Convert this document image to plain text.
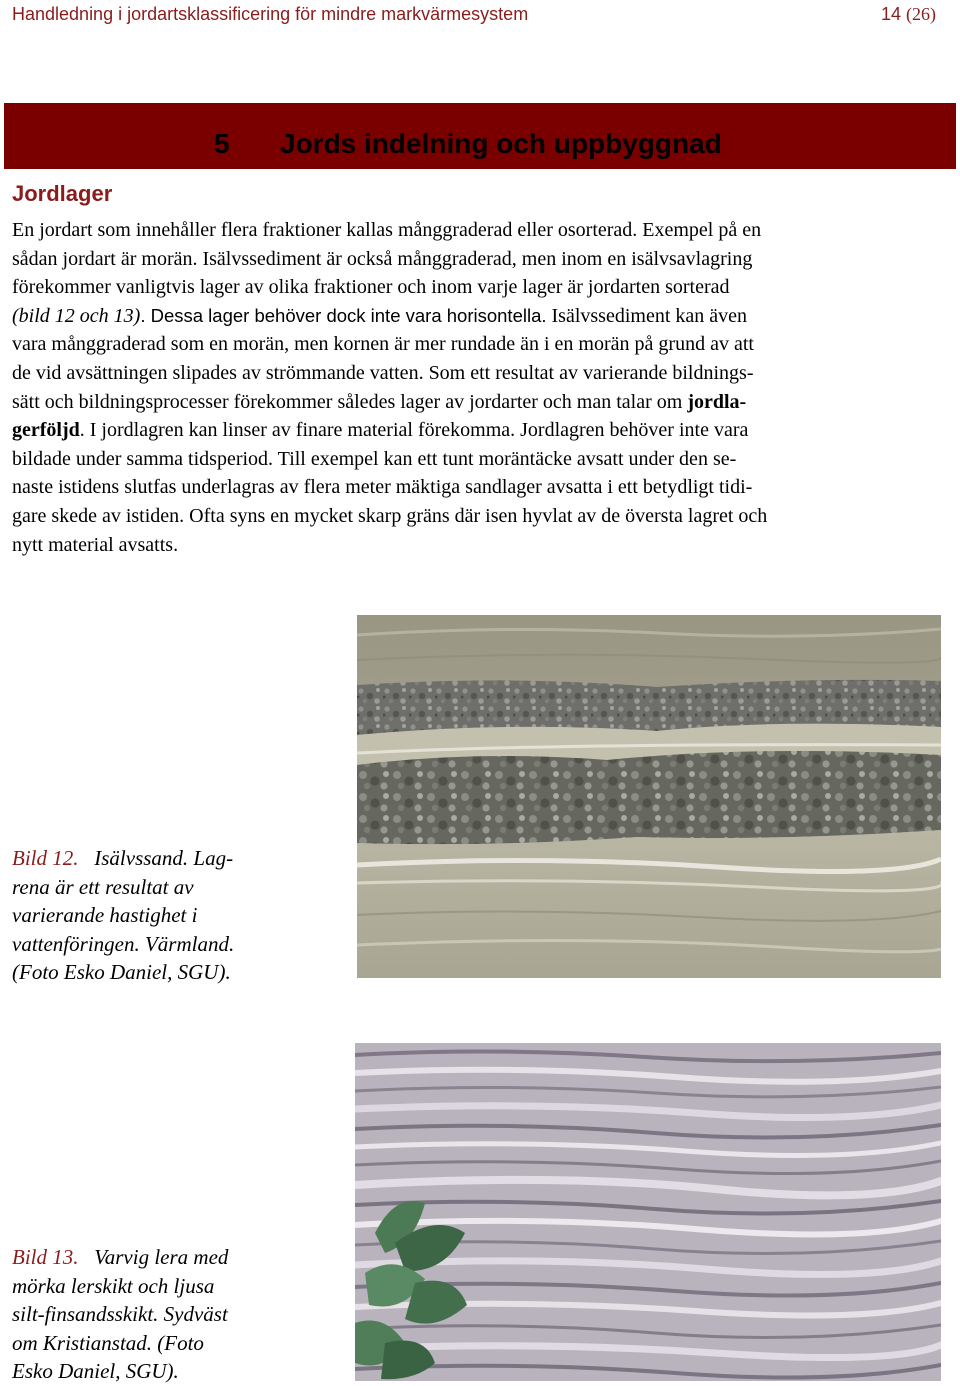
Handledning i jordartsklassificering för mindre markvärmesystem	14 (26)
5 Jords indelning och uppbyggnad
Jordlager
En jordart som innehåller flera fraktioner kallas månggraderad eller osorterad. Exempel på en
sådan jordart är morän. Isälvssediment är också månggraderad, men inom en isälvsavlagring
förekommer vanligtvis lager av olika fraktioner och inom varje lager är jordarten sorterad
(bild 12 och 13). Dessa lager behöver dock inte vara horisontella. Isälvssediment kan även
vara månggraderad som en morän, men kornen är mer rundade än i en morän på grund av att
de vid avsättningen slipades av strömmande vatten. Som ett resultat av varierande bildnings-
sätt och bildningsprocesser förekommer således lager av jordarter och man talar om jordla-
gerföljd. I jordlagren kan linser av finare material förekomma. Jordlagren behöver inte vara
bildade under samma tidsperiod. Till exempel kan ett tunt moräntäcke avsatt under den se-
naste istidens slutfas underlagras av flera meter mäktiga sandlager avsatta i ett betydligt tidi-
gare skede av istiden. Ofta syns en mycket skarp gräns där isen hyvlat av de översta lagret och
nytt material avsatts.
Bild 12. Isälvssand. Lag-
rena är ett resultat av
varierande hastighet i
vattenföringen. Värmland.
(Foto Esko Daniel, SGU).
Bild 13. Varvig lera med
mörka lerskikt och ljusa
silt-finsandsskikt. Sydväst
om Kristianstad. (Foto
Esko Daniel, SGU).
